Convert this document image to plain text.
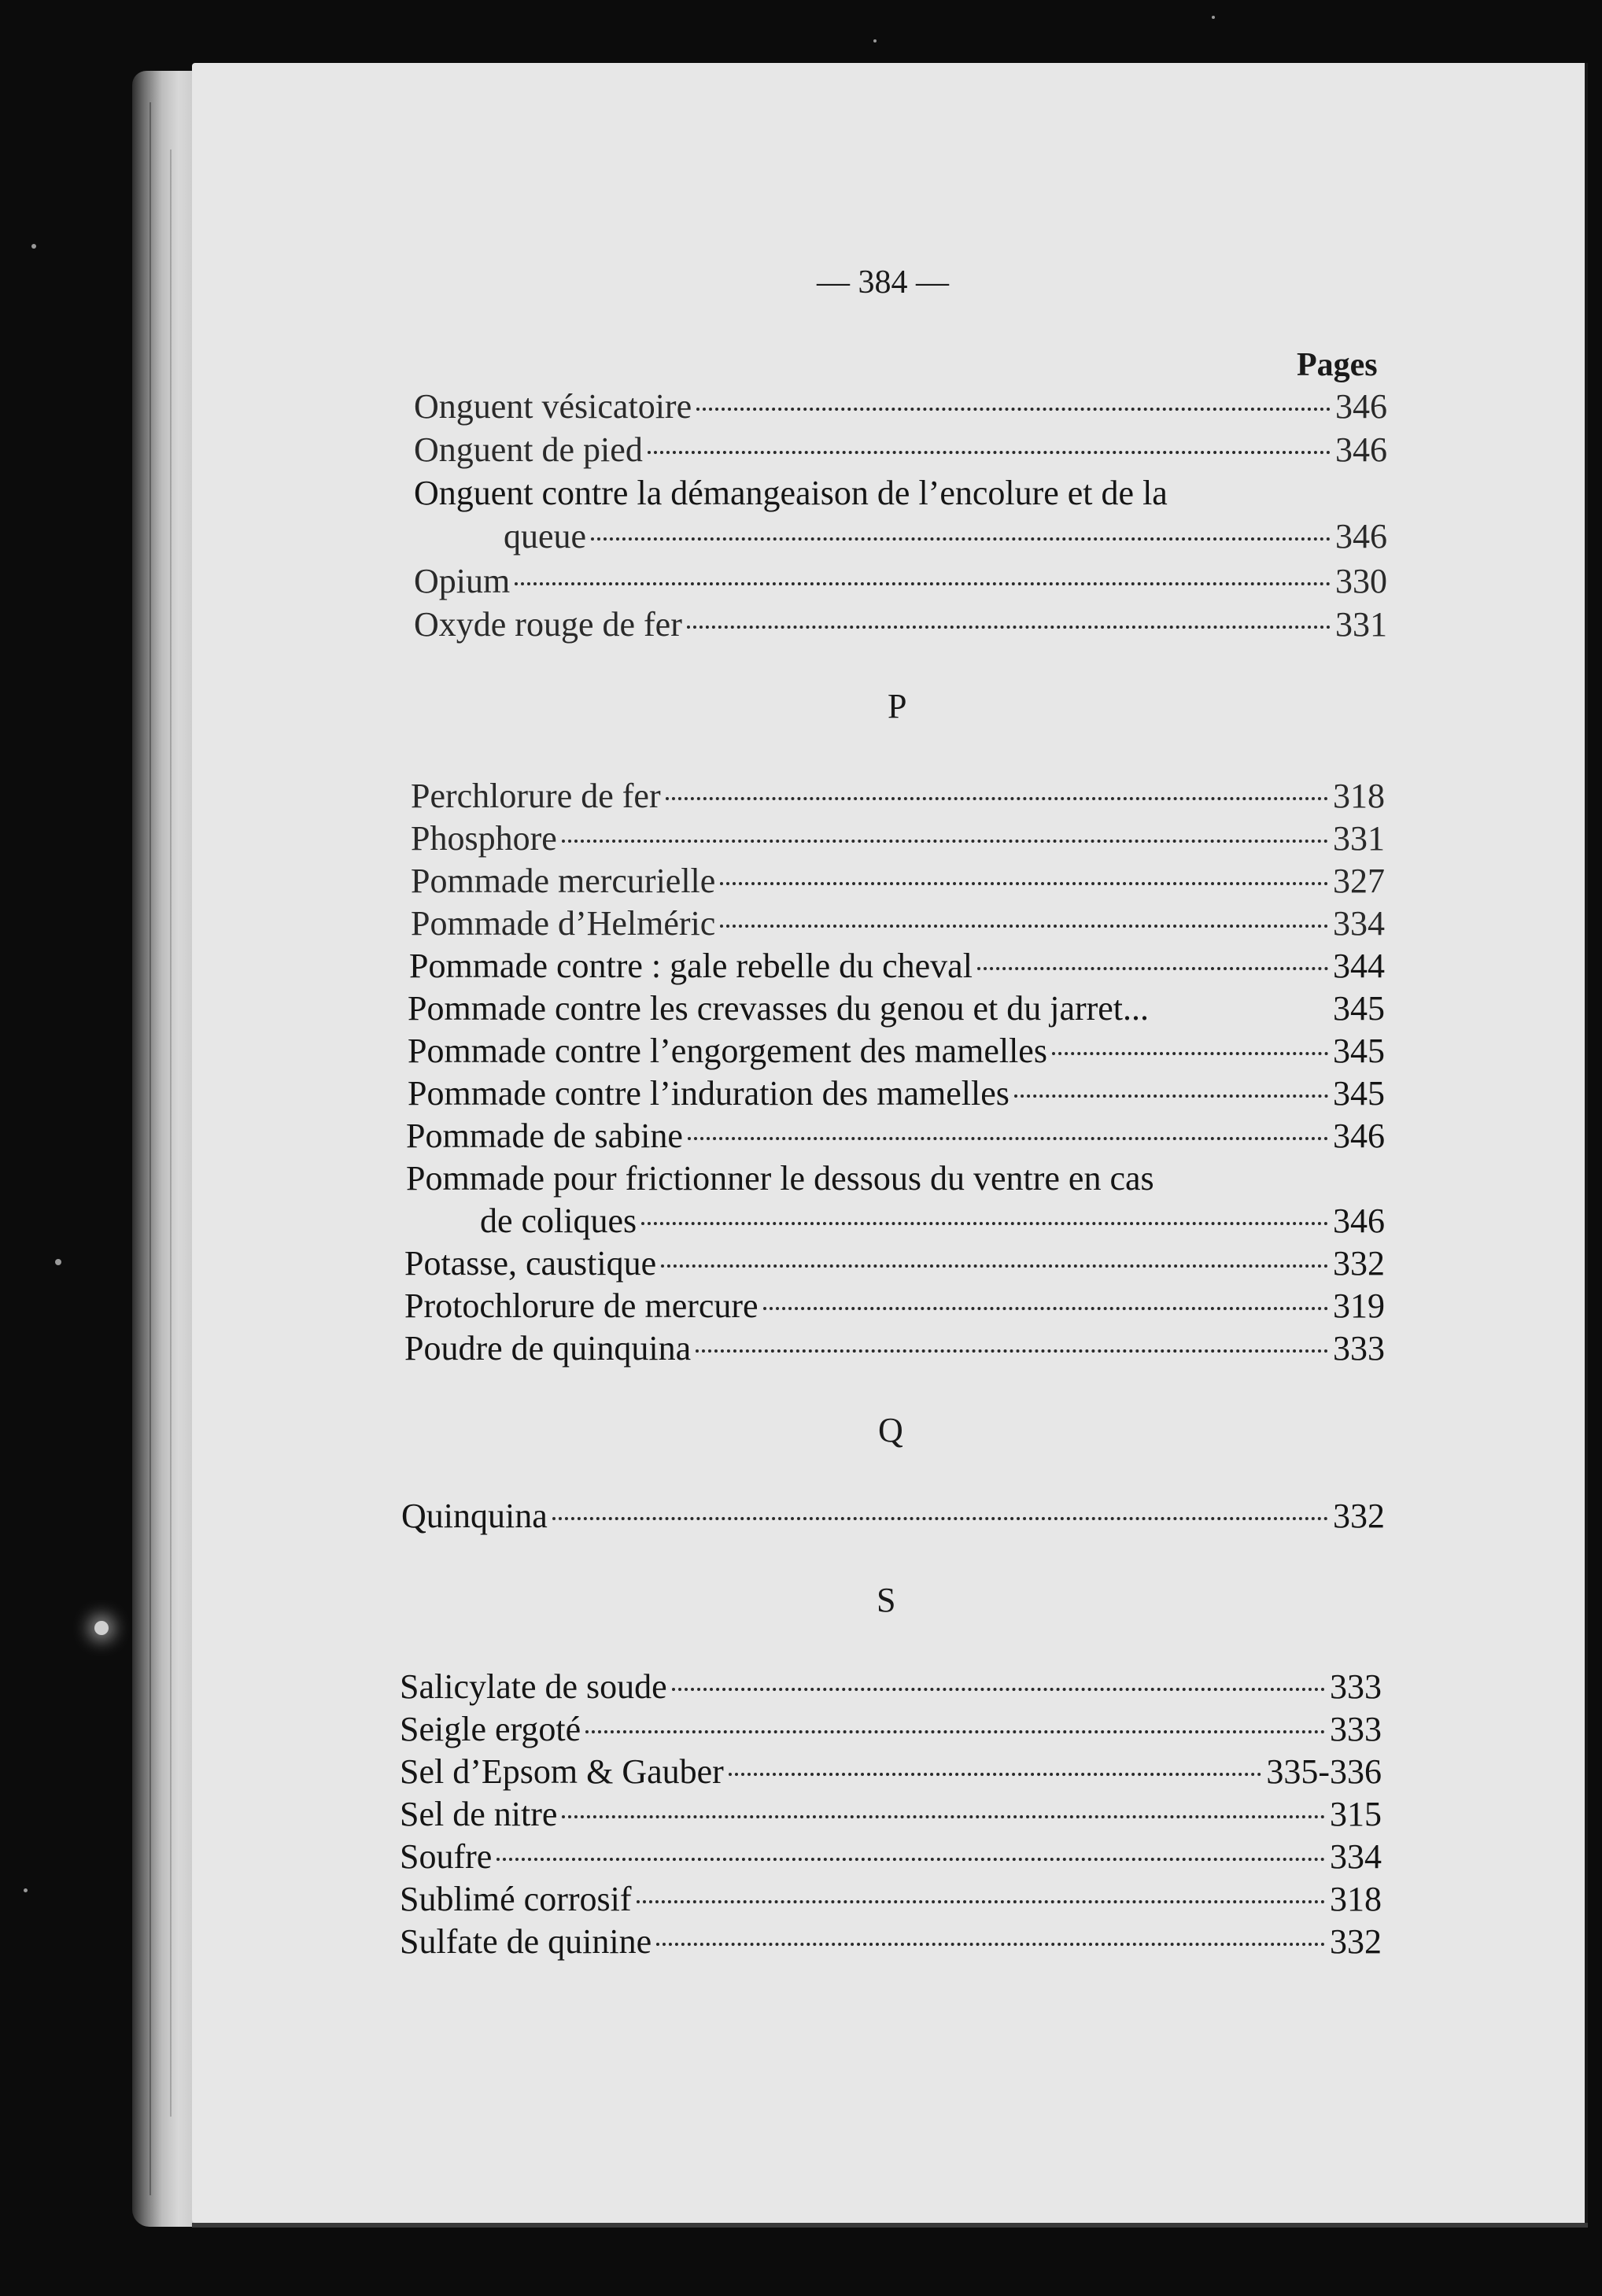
— 384 —
Pages
Onguent vésicatoire	346
Onguent de pied	346
Onguent contre la démangeaison de l’encolure et de la
queue	346
Opium	330
Oxyde rouge de fer	331
P
Perchlorure de fer	318
Phosphore	331
Pommade mercurielle	327
Pommade d’Helméric	334
Pommade contre : gale rebelle du cheval	344
Pommade contre les crevasses du genou et du jarret...	345
Pommade contre l’engorgement des mamelles	345
Pommade contre l’induration des mamelles	345
Pommade de sabine	346
Pommade pour frictionner le dessous du ventre en cas
de coliques	346
Potasse, caustique	332
Protochlorure de mercure	319
Poudre de quinquina	333
Q
Quinquina	332
S
Salicylate de soude	333
Seigle ergoté	333
Sel d’Epsom & Gauber	335-336
Sel de nitre	315
Soufre	334
Sublimé corrosif	318
Sulfate de quinine	332
